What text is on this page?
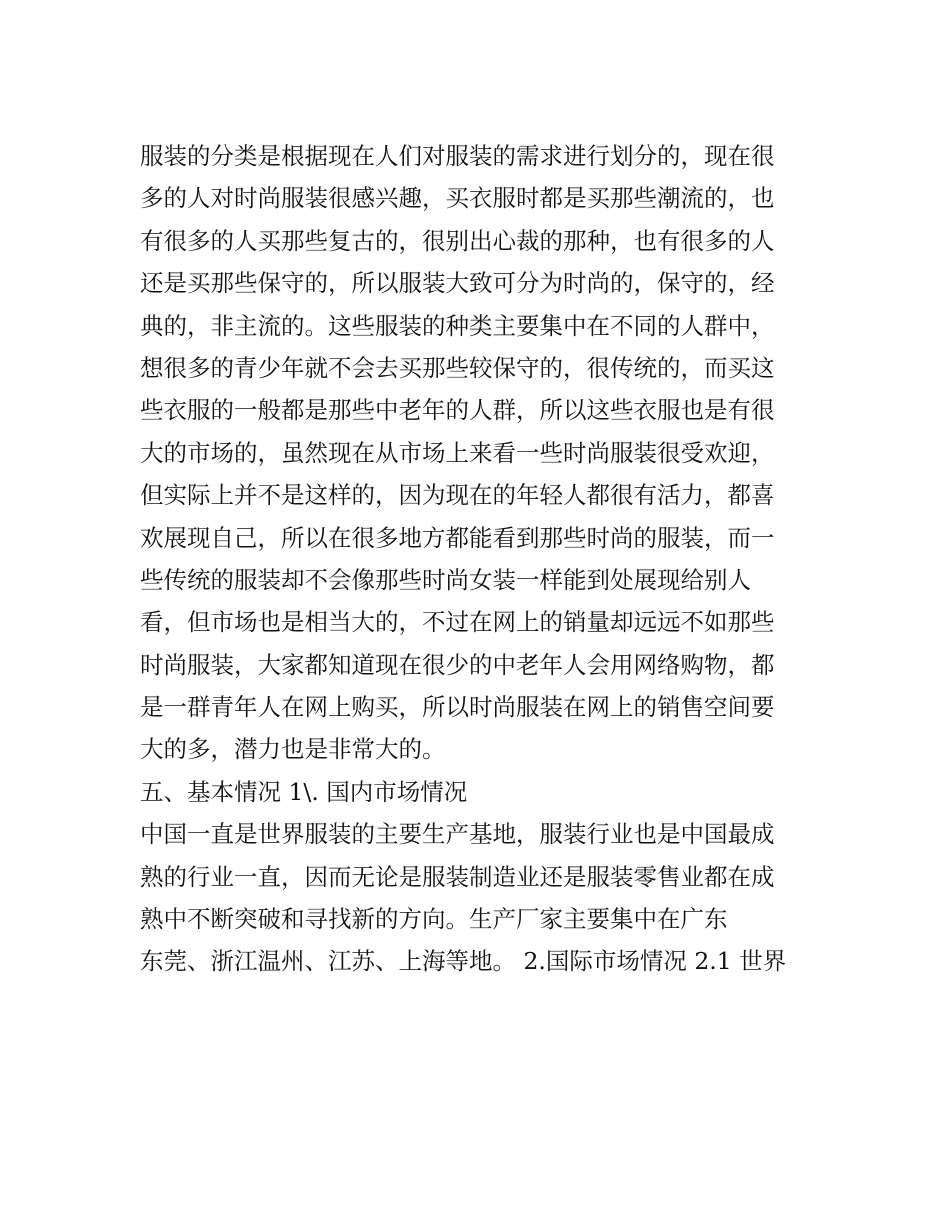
服装的分类是根据现在人们对服装的需求进行划分的，现在很
多的人对时尚服装很感兴趣，买衣服时都是买那些潮流的，也
有很多的人买那些复古的，很别出心裁的那种，也有很多的人
还是买那些保守的，所以服装大致可分为时尚的，保守的，经
典的，非主流的。这些服装的种类主要集中在不同的人群中，
想很多的青少年就不会去买那些较保守的，很传统的，而买这
些衣服的一般都是那些中老年的人群，所以这些衣服也是有很
大的市场的，虽然现在从市场上来看一些时尚服装很受欢迎，
但实际上并不是这样的，因为现在的年轻人都很有活力，都喜
欢展现自己，所以在很多地方都能看到那些时尚的服装，而一
些传统的服装却不会像那些时尚女装一样能到处展现给别人
看，但市场也是相当大的，不过在网上的销量却远远不如那些
时尚服装，大家都知道现在很少的中老年人会用网络购物，都
是一群青年人在网上购买，所以时尚服装在网上的销售空间要
大的多，潜力也是非常大的。
五、基本情况 1\. 国内市场情况
中国一直是世界服装的主要生产基地，服装行业也是中国最成
熟的行业一直，因而无论是服装制造业还是服装零售业都在成
熟中不断突破和寻找新的方向。生产厂家主要集中在广东
东莞、浙江温州、江苏、上海等地。 2.国际市场情况 2.1 世界
